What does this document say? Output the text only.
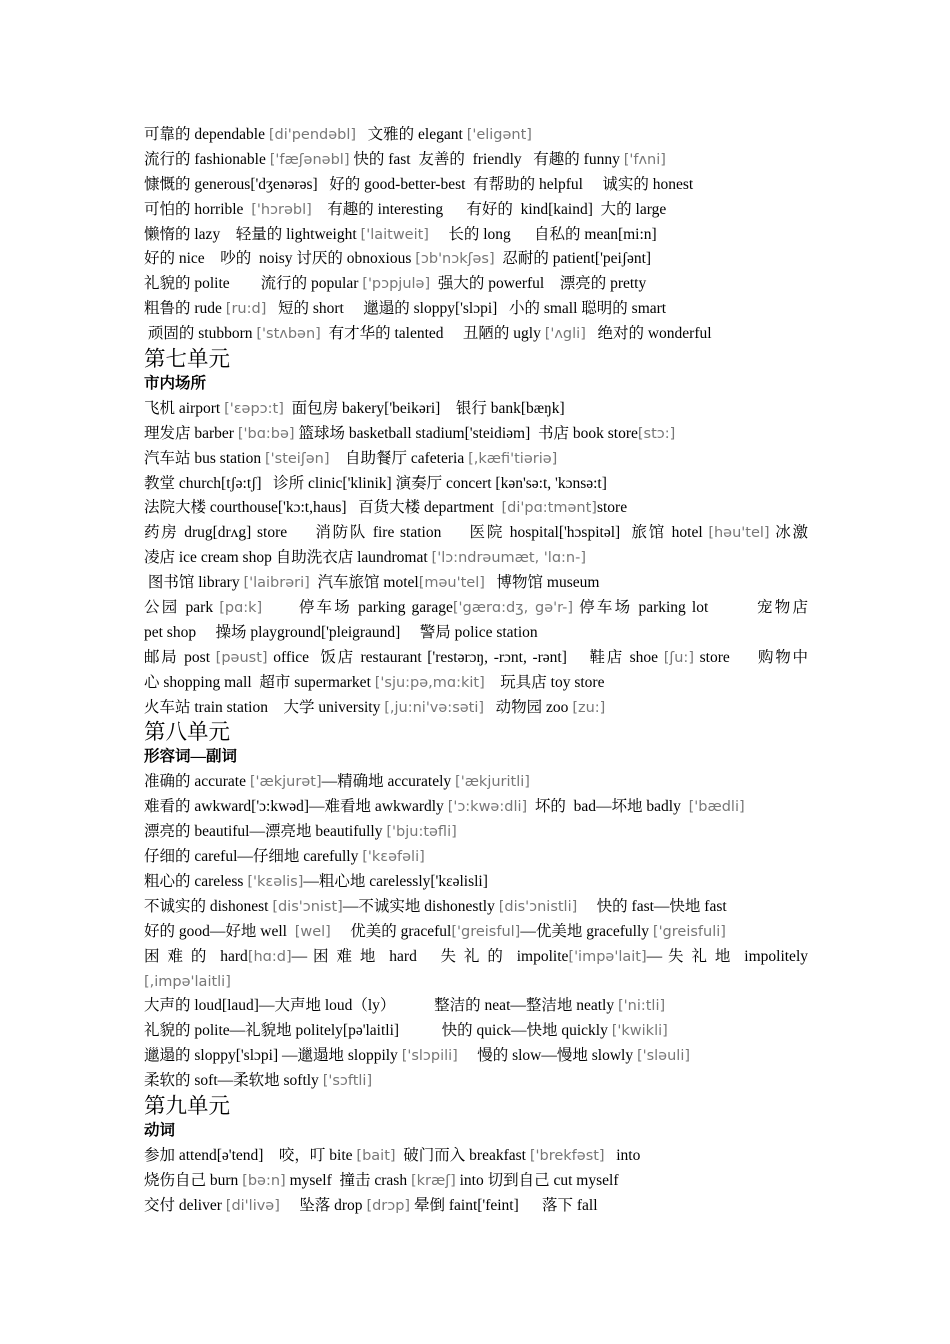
可靠的 dependable [di'pendəbl]   文雅的 elegant ['eligənt]
流行的 fashionable ['fæʃənəbl] 快的 fast  友善的  friendly   有趣的 funny ['fʌni]
慷慨的 generous['dʒenərəs]   好的 good-better-best  有帮助的 helpful     诚实的 honest
可怕的 horrible  ['hɔrəbl]    有趣的 interesting      有好的  kind[kaind]  大的 large
懒惰的 lazy    轻量的 lightweight ['laitweit]     长的 long      自私的 mean[mi:n]
好的 nice    吵的  noisy 讨厌的 obnoxious [ɔb'nɔkʃəs]  忍耐的 patient['peiʃənt]
礼貌的 polite        流行的 popular ['pɔpjulə]  强大的 powerful    漂亮的 pretty
粗鲁的 rude [ru:d]   短的 short     邋遢的 sloppy['slɔpi]   小的 small 聪明的 smart
顽固的 stubborn ['stʌbən]  有才华的 talented     丑陋的 ugly ['ʌgli]   绝对的 wonderful
第七单元
市内场所
飞机 airport ['ɛəpɔ:t]  面包房 bakery['beikəri]    银行 bank[bæŋk]
理发店 barber ['bɑ:bə] 篮球场 basketball stadium['steidiəm]  书店 book store[stɔ:]
汽车站 bus station ['steiʃən]    自助餐厅 cafeteria [,kæfi'tiəriə]
教堂 church[tʃə:tʃ]   诊所 clinic['klinik] 演奏厅 concert [kən'sə:t, 'kɔnsə:t]
法院大楼 courthouse['kɔ:t,haus]   百货大楼 department  [di'pɑ:tmənt]store
药房 drug[drʌg] store     消防队 fire station     医院 hospital['hɔspitəl]  旅馆 hotel [həu'tel] 冰激
凌店 ice cream shop 自助洗衣店 laundromat ['lɔ:ndrəumæt, 'lɑ:n-]
图书馆 library ['laibrəri]  汽车旅馆 motel[məu'tel]   博物馆 museum
公园 park [pɑ:k]      停车场 parking garage['gærɑ:dʒ, gə'r-] 停车场 parking lot        宠物店
pet shop     操场 playground['pleigraund]     警局 police station
邮局 post [pəust] office  饭店 restaurant ['restərɔŋ, -rɔnt, -rənt]    鞋店 shoe [ʃu:] store     购物中
心 shopping mall  超市 supermarket ['sju:pə,mɑ:kit]    玩具店 toy store
火车站 train station    大学 university [,ju:ni'və:səti]   动物园 zoo [zu:]
第八单元
形容词—副词
准确的 accurate ['ækjurət]—精确地 accurately ['ækjuritli]
难看的 awkward['ɔ:kwəd]—难看地 awkwardly ['ɔ:kwə:dli]  坏的  bad—坏地 badly  ['bædli]
漂亮的 beautiful—漂亮地 beautifully ['bju:təfli]
仔细的 careful—仔细地 carefully ['kɛəfəli]
粗心的 careless ['kɛəlis]—粗心地 carelessly['kɛəlisli]
不诚实的 dishonest [dis'ɔnist]—不诚实地 dishonestly [dis'ɔnistli]     快的 fast—快地 fast
好的 good—好地 well  [wel]     优美的 graceful['greisful]—优美地 gracefully ['greisfuli]
困 难 的  hard[hɑ:d]— 困 难 地  hard    失 礼 的  impolite['impə'lait]— 失 礼 地  impolitely
[,impə'laitli]
大声的 loud[laud]—大声地 loud（ly）          整洁的 neat—整洁地 neatly ['ni:tli]
礼貌的 polite—礼貌地 politely[pə'laitli]           快的 quick—快地 quickly ['kwikli]
邋遢的 sloppy['slɔpi] —邋遢地 sloppily ['slɔpili]     慢的 slow—慢地 slowly ['sləuli]
柔软的 soft—柔软地 softly ['sɔftli]
第九单元
动词
参加 attend[ə'tend]    咬，叮 bite [bait]  破门而入 breakfast ['brekfəst]   into
烧伤自己 burn [bə:n] myself  撞击 crash [kræʃ] into 切到自己 cut myself
交付 deliver [di'livə]     坠落 drop [drɔp] 晕倒 faint['feint]      落下 fall
